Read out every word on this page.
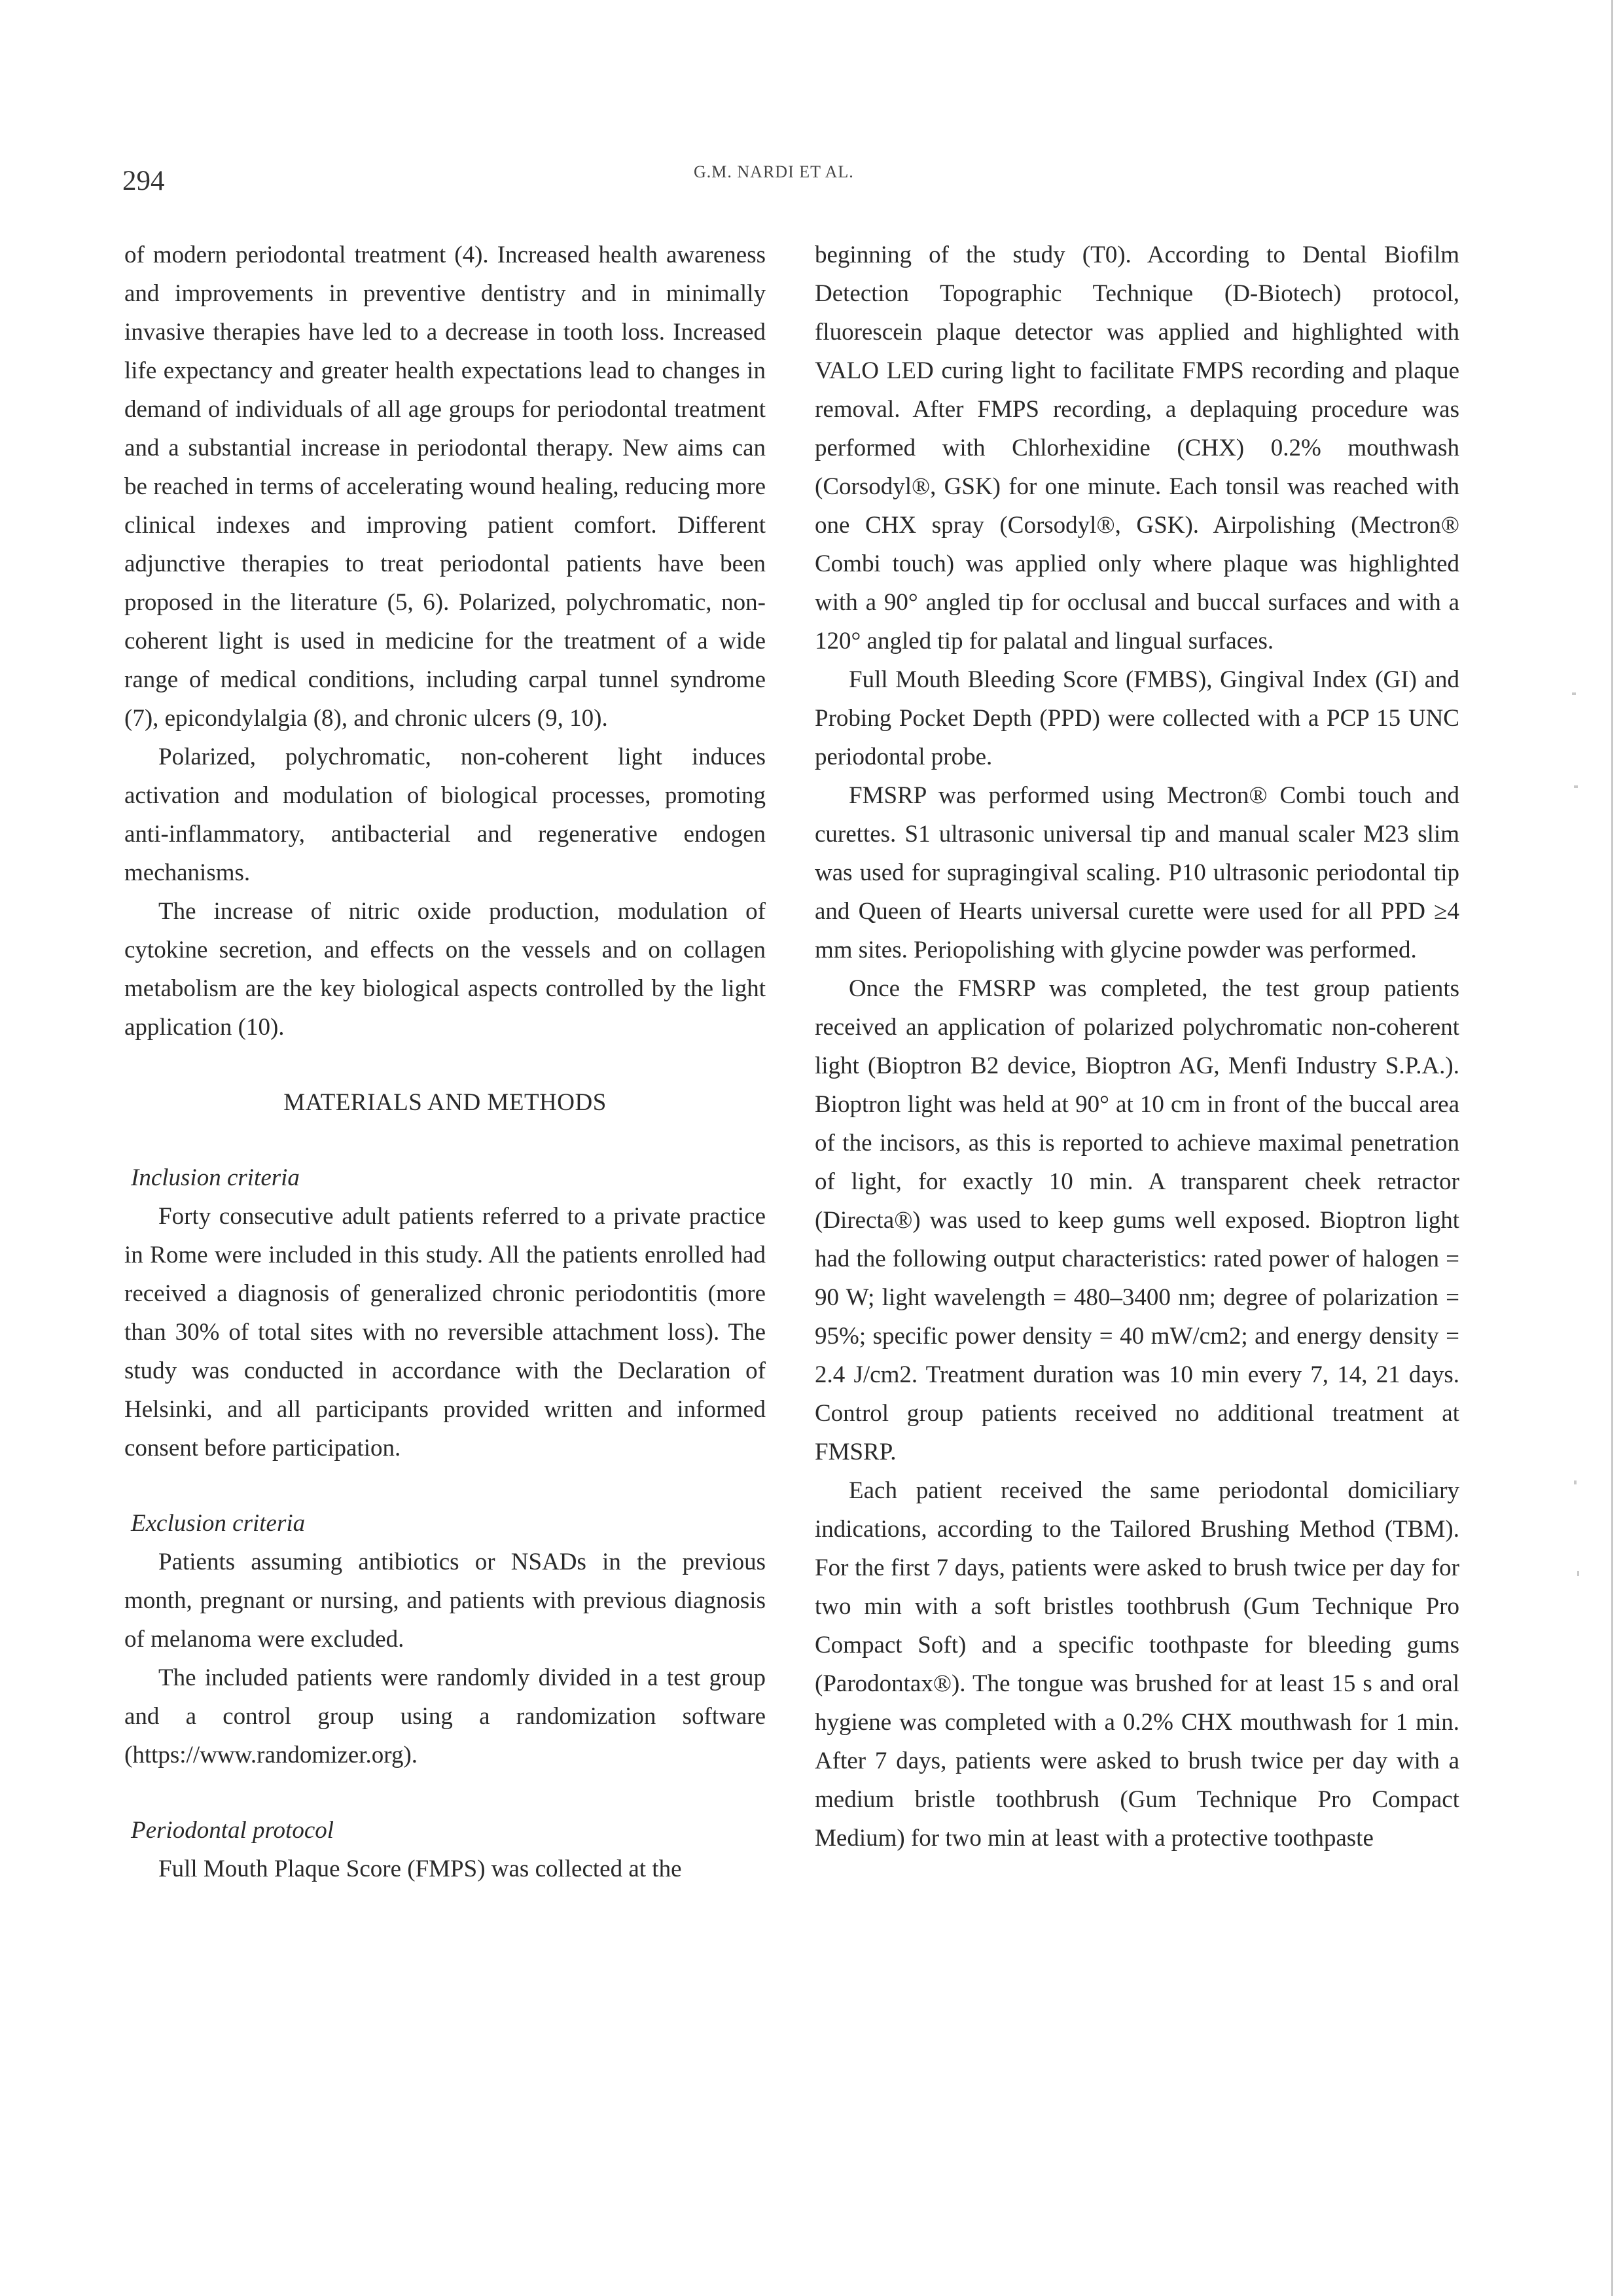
294	G.M. NARDI ET AL.

of modern periodontal treatment (4). Increased health awareness and improvements in preventive dentistry and in minimally invasive therapies have led to a decrease in tooth loss. Increased life expectancy and greater health expectations lead to changes in demand of individuals of all age groups for periodontal treatment and a substantial increase in periodontal therapy. New aims can be reached in terms of accelerating wound healing, reducing more clinical indexes and improving patient comfort. Different adjunctive therapies to treat periodontal patients have been proposed in the literature (5, 6). Polarized, polychromatic, non-coherent light is used in medicine for the treatment of a wide range of medical conditions, including carpal tunnel syndrome (7), epicondylalgia (8), and chronic ulcers (9, 10).

Polarized, polychromatic, non-coherent light induces activation and modulation of biological processes, promoting anti-inflammatory, antibacterial and regenerative endogen mechanisms.

The increase of nitric oxide production, modulation of cytokine secretion, and effects on the vessels and on collagen metabolism are the key biological aspects controlled by the light application (10).

MATERIALS AND METHODS
Inclusion criteria

Forty consecutive adult patients referred to a private practice in Rome were included in this study. All the patients enrolled had received a diagnosis of generalized chronic periodontitis (more than 30% of total sites with no reversible attachment loss). The study was conducted in accordance with the Declaration of Helsinki, and all participants provided written and informed consent before participation.

Exclusion criteria

Patients assuming antibiotics or NSADs in the previous month, pregnant or nursing, and patients with previous diagnosis of melanoma were excluded.

The included patients were randomly divided in a test group and a control group using a randomization software (https://www.randomizer.org).

Periodontal protocol

Full Mouth Plaque Score (FMPS) was collected at the

beginning of the study (T0). According to Dental Biofilm Detection Topographic Technique (D-Biotech) protocol, fluorescein plaque detector was applied and highlighted with VALO LED curing light to facilitate FMPS recording and plaque removal. After FMPS recording, a deplaquing procedure was performed with Chlorhexidine (CHX) 0.2% mouthwash (Corsodyl®, GSK) for one minute. Each tonsil was reached with one CHX spray (Corsodyl®, GSK). Airpolishing (Mectron® Combi touch) was applied only where plaque was highlighted with a 90° angled tip for occlusal and buccal surfaces and with a 120° angled tip for palatal and lingual surfaces.

Full Mouth Bleeding Score (FMBS), Gingival Index (GI) and Probing Pocket Depth (PPD) were collected with a PCP 15 UNC periodontal probe.

FMSRP was performed using Mectron® Combi touch and curettes. S1 ultrasonic universal tip and manual scaler M23 slim was used for supragingival scaling. P10 ultrasonic periodontal tip and Queen of Hearts universal curette were used for all PPD ≥4 mm sites. Periopolishing with glycine powder was performed.

Once the FMSRP was completed, the test group patients received an application of polarized polychromatic non-coherent light (Bioptron B2 device, Bioptron AG, Menfi Industry S.P.A.). Bioptron light was held at 90° at 10 cm in front of the buccal area of the incisors, as this is reported to achieve maximal penetration of light, for exactly 10 min. A transparent cheek retractor (Directa®) was used to keep gums well exposed. Bioptron light had the following output characteristics: rated power of halogen = 90 W; light wavelength = 480–3400 nm; degree of polarization = 95%; specific power density = 40 mW/cm2; and energy density = 2.4 J/cm2. Treatment duration was 10 min every 7, 14, 21 days. Control group patients received no additional treatment at FMSRP.

Each patient received the same periodontal domiciliary indications, according to the Tailored Brushing Method (TBM). For the first 7 days, patients were asked to brush twice per day for two min with a soft bristles toothbrush (Gum Technique Pro Compact Soft) and a specific toothpaste for bleeding gums (Parodontax®). The tongue was brushed for at least 15 s and oral hygiene was completed with a 0.2% CHX mouthwash for 1 min. After 7 days, patients were asked to brush twice per day with a medium bristle toothbrush (Gum Technique Pro Compact Medium) for two min at least with a protective toothpaste
